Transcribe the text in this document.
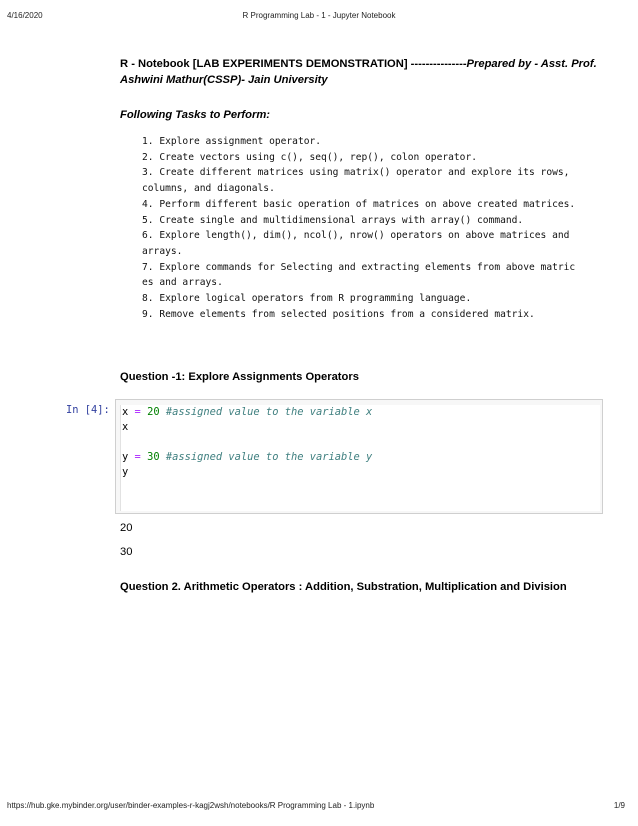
4/16/2020	R Programming Lab - 1 - Jupyter Notebook
R - Notebook [LAB EXPERIMENTS DEMONSTRATION] ---------------Prepared by - Asst. Prof. Ashwini Mathur(CSSP)- Jain University
Following Tasks to Perform:
1. Explore assignment operator.
2. Create vectors using c(), seq(), rep(), colon operator.
3. Create different matrices using matrix() operator and explore its rows, columns, and diagonals.
4. Perform different basic operation of matrices on above created matrices.
5. Create single and multidimensional arrays with array() command.
6. Explore length(), dim(), ncol(), nrow() operators on above matrices and arrays.
7. Explore commands for Selecting and extracting elements from above matrices and arrays.
8. Explore logical operators from R programming language.
9. Remove elements from selected positions from a considered matrix.
Question -1: Explore Assignments Operators
In [4]: x = 20 #assigned value to the variable x
x
y = 30 #assigned value to the variable y
y
20
30
Question 2. Arithmetic Operators : Addition, Substration, Multiplication and Division
https://hub.gke.mybinder.org/user/binder-examples-r-kagj2wsh/notebooks/R Programming Lab - 1.ipynb	1/9
